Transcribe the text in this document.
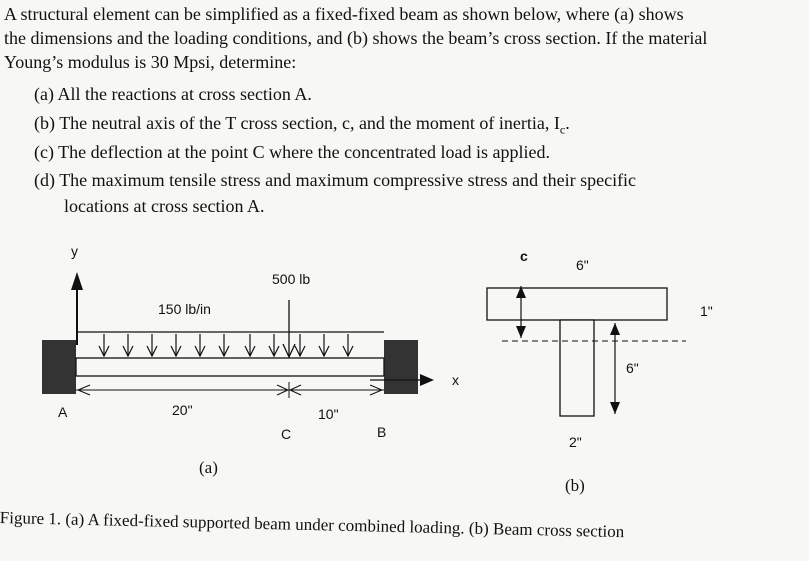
A structural element can be simplified as a fixed-fixed beam as shown below, where (a) shows
the dimensions and the loading conditions, and (b) shows the beam’s cross section. If the material
Young’s modulus is 30 Mpsi, determine:
(a) All the reactions at cross section A.
(b) The neutral axis of the T cross section, c, and the moment of inertia, $I_c$.
(c) The deflection at the point C where the concentrated load is applied.
(d) The maximum tensile stress and maximum compressive stress and their specific
locations at cross section A.
y
500 lb
150 lb/in
x
A	20"	10"
C	B
(a)
c
6"
1"
6"
2"
(b)
Figure 1. (a) A fixed-fixed supported beam under combined loading. (b) Beam cross section
